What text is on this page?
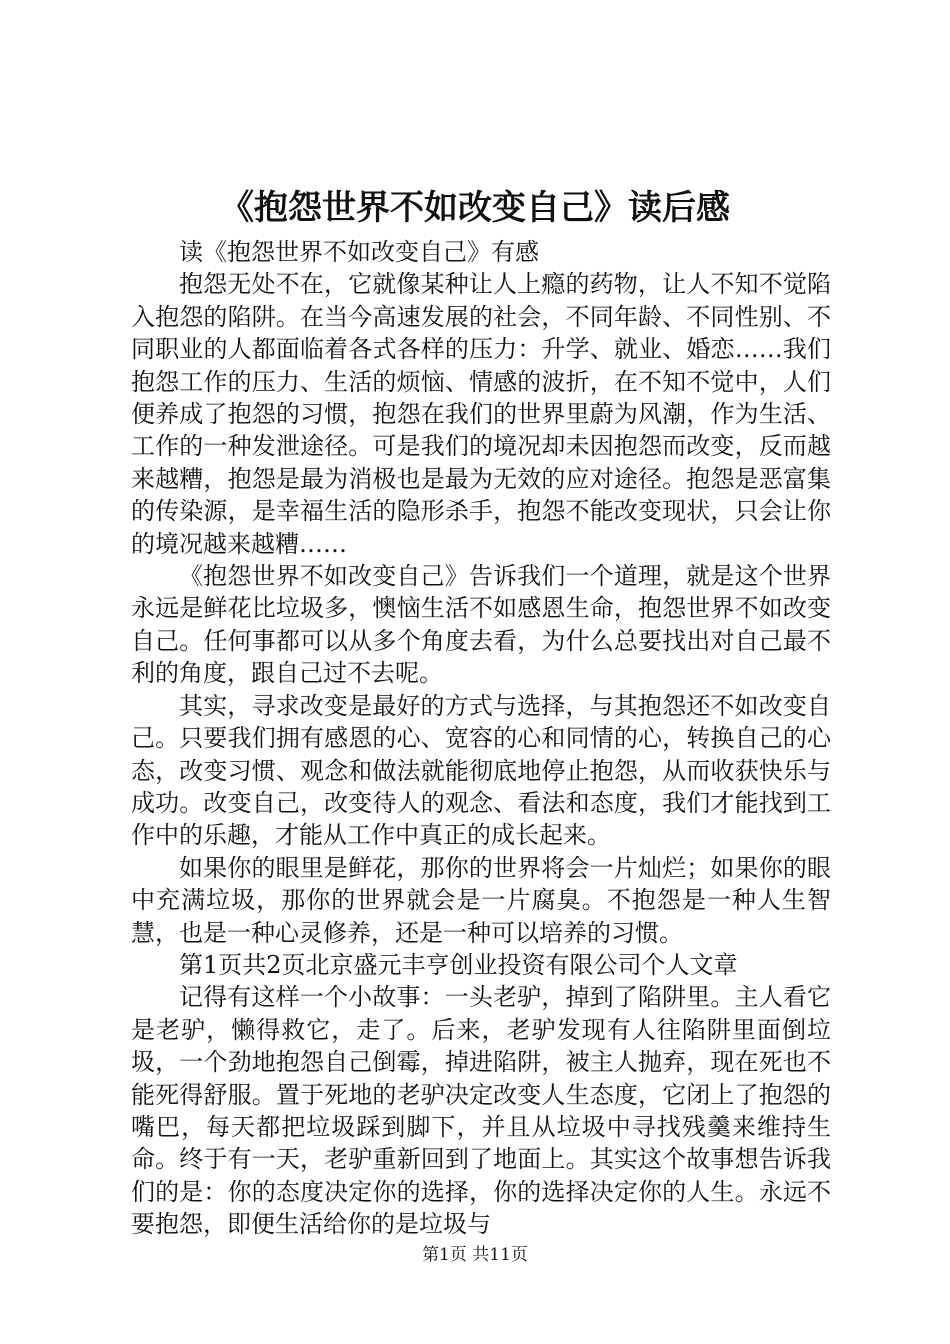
《抱怨世界不如改变自己》读后感

读《抱怨世界不如改变自己》有感

抱怨无处不在，它就像某种让人上瘾的药物，让人不知不觉陷入抱怨的陷阱。在当今高速发展的社会，不同年龄、不同性别、不同职业的人都面临着各式各样的压力：升学、就业、婚恋……我们抱怨工作的压力、生活的烦恼、情感的波折，在不知不觉中，人们便养成了抱怨的习惯，抱怨在我们的世界里蔚为风潮，作为生活、工作的一种发泄途径。可是我们的境况却未因抱怨而改变，反而越来越糟，抱怨是最为消极也是最为无效的应对途径。抱怨是恶富集的传染源，是幸福生活的隐形杀手，抱怨不能改变现状，只会让你的境况越来越糟……

《抱怨世界不如改变自己》告诉我们一个道理，就是这个世界永远是鲜花比垃圾多，懊恼生活不如感恩生命，抱怨世界不如改变自己。任何事都可以从多个角度去看，为什么总要找出对自己最不利的角度，跟自己过不去呢。

其实，寻求改变是最好的方式与选择，与其抱怨还不如改变自己。只要我们拥有感恩的心、宽容的心和同情的心，转换自己的心态，改变习惯、观念和做法就能彻底地停止抱怨，从而收获快乐与成功。改变自己，改变待人的观念、看法和态度，我们才能找到工作中的乐趣，才能从工作中真正的成长起来。

如果你的眼里是鲜花，那你的世界将会一片灿烂；如果你的眼中充满垃圾，那你的世界就会是一片腐臭。不抱怨是一种人生智慧，也是一种心灵修养，还是一种可以培养的习惯。

第1页共2页北京盛元丰亨创业投资有限公司个人文章

记得有这样一个小故事：一头老驴，掉到了陷阱里。主人看它是老驴，懒得救它，走了。后来，老驴发现有人往陷阱里面倒垃圾，一个劲地抱怨自己倒霉，掉进陷阱，被主人抛弃，现在死也不能死得舒服。置于死地的老驴决定改变人生态度，它闭上了抱怨的嘴巴，每天都把垃圾踩到脚下，并且从垃圾中寻找残羹来维持生命。终于有一天，老驴重新回到了地面上。其实这个故事想告诉我们的是：你的态度决定你的选择，你的选择决定你的人生。永远不要抱怨，即便生活给你的是垃圾与

第1页 共11页
